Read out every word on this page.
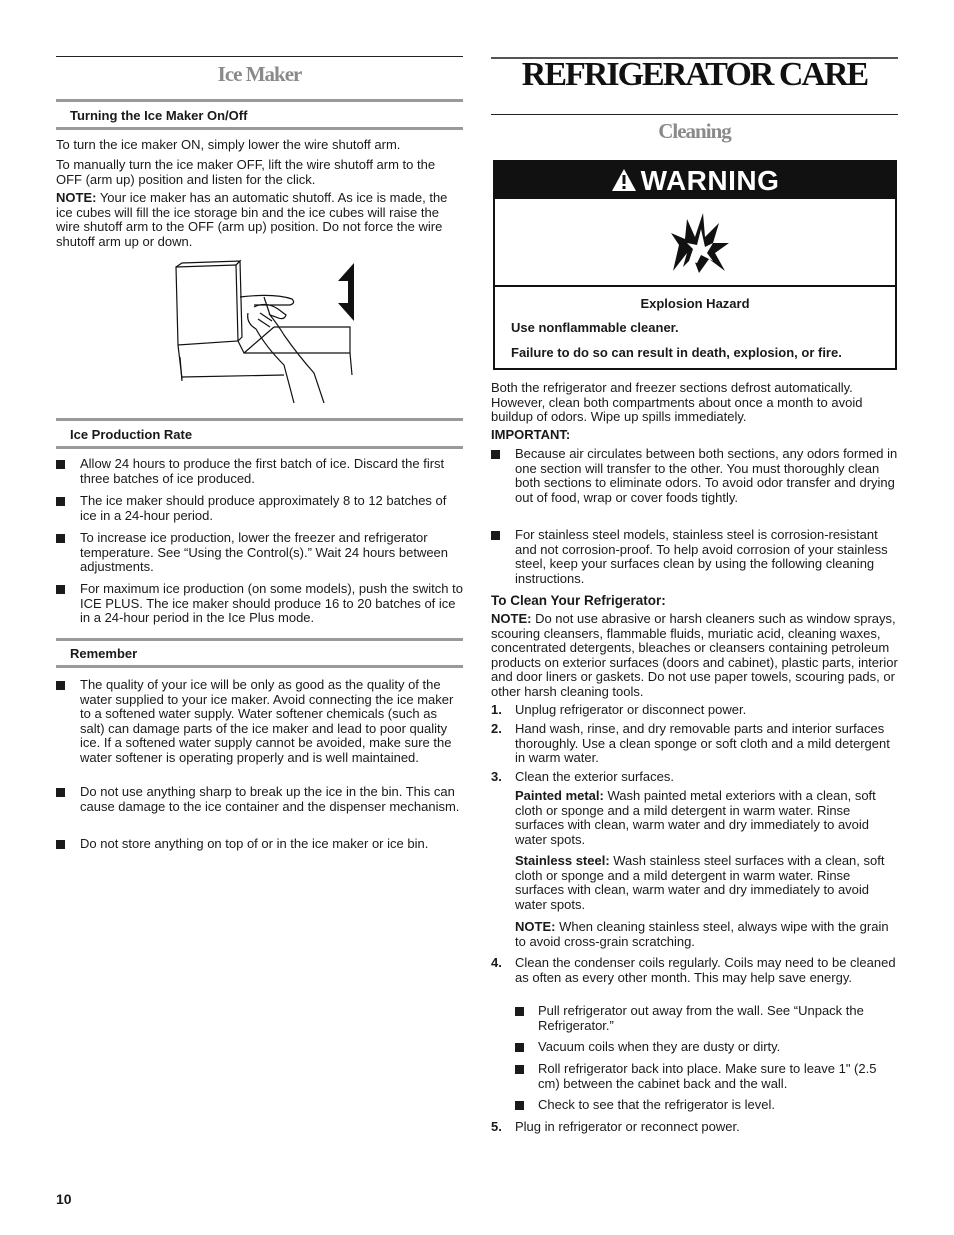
Ice Maker
Turning the Ice Maker On/Off
To turn the ice maker ON, simply lower the wire shutoff arm.
To manually turn the ice maker OFF, lift the wire shutoff arm to the OFF (arm up) position and listen for the click.
NOTE: Your ice maker has an automatic shutoff. As ice is made, the ice cubes will fill the ice storage bin and the ice cubes will raise the wire shutoff arm to the OFF (arm up) position. Do not force the wire shutoff arm up or down.
Ice Production Rate
Allow 24 hours to produce the first batch of ice. Discard the first three batches of ice produced.
The ice maker should produce approximately 8 to 12 batches of ice in a 24-hour period.
To increase ice production, lower the freezer and refrigerator temperature. See “Using the Control(s).” Wait 24 hours between adjustments.
For maximum ice production (on some models), push the switch to ICE PLUS. The ice maker should produce 16 to 20 batches of ice in a 24-hour period in the Ice Plus mode.
Remember
The quality of your ice will be only as good as the quality of the water supplied to your ice maker. Avoid connecting the ice maker to a softened water supply. Water softener chemicals (such as salt) can damage parts of the ice maker and lead to poor quality ice. If a softened water supply cannot be avoided, make sure the water softener is operating properly and is well maintained.
Do not use anything sharp to break up the ice in the bin. This can cause damage to the ice container and the dispenser mechanism.
Do not store anything on top of or in the ice maker or ice bin.
REFRIGERATOR CARE
Cleaning
WARNING
Explosion Hazard
Use nonflammable cleaner.
Failure to do so can result in death, explosion, or fire.
Both the refrigerator and freezer sections defrost automatically. However, clean both compartments about once a month to avoid buildup of odors. Wipe up spills immediately.
IMPORTANT:
Because air circulates between both sections, any odors formed in one section will transfer to the other. You must thoroughly clean both sections to eliminate odors. To avoid odor transfer and drying out of food, wrap or cover foods tightly.
For stainless steel models, stainless steel is corrosion-resistant and not corrosion-proof. To help avoid corrosion of your stainless steel, keep your surfaces clean by using the following cleaning instructions.
To Clean Your Refrigerator:
NOTE: Do not use abrasive or harsh cleaners such as window sprays, scouring cleansers, flammable fluids, muriatic acid, cleaning waxes, concentrated detergents, bleaches or cleansers containing petroleum products on exterior surfaces (doors and cabinet), plastic parts, interior and door liners or gaskets. Do not use paper towels, scouring pads, or other harsh cleaning tools.
1. Unplug refrigerator or disconnect power.
2. Hand wash, rinse, and dry removable parts and interior surfaces thoroughly. Use a clean sponge or soft cloth and a mild detergent in warm water.
3. Clean the exterior surfaces.
Painted metal: Wash painted metal exteriors with a clean, soft cloth or sponge and a mild detergent in warm water. Rinse surfaces with clean, warm water and dry immediately to avoid water spots.
Stainless steel: Wash stainless steel surfaces with a clean, soft cloth or sponge and a mild detergent in warm water. Rinse surfaces with clean, warm water and dry immediately to avoid water spots.
NOTE: When cleaning stainless steel, always wipe with the grain to avoid cross-grain scratching.
4. Clean the condenser coils regularly. Coils may need to be cleaned as often as every other month. This may help save energy.
Pull refrigerator out away from the wall. See “Unpack the Refrigerator.”
Vacuum coils when they are dusty or dirty.
Roll refrigerator back into place. Make sure to leave 1" (2.5 cm) between the cabinet back and the wall.
Check to see that the refrigerator is level.
5. Plug in refrigerator or reconnect power.
10
